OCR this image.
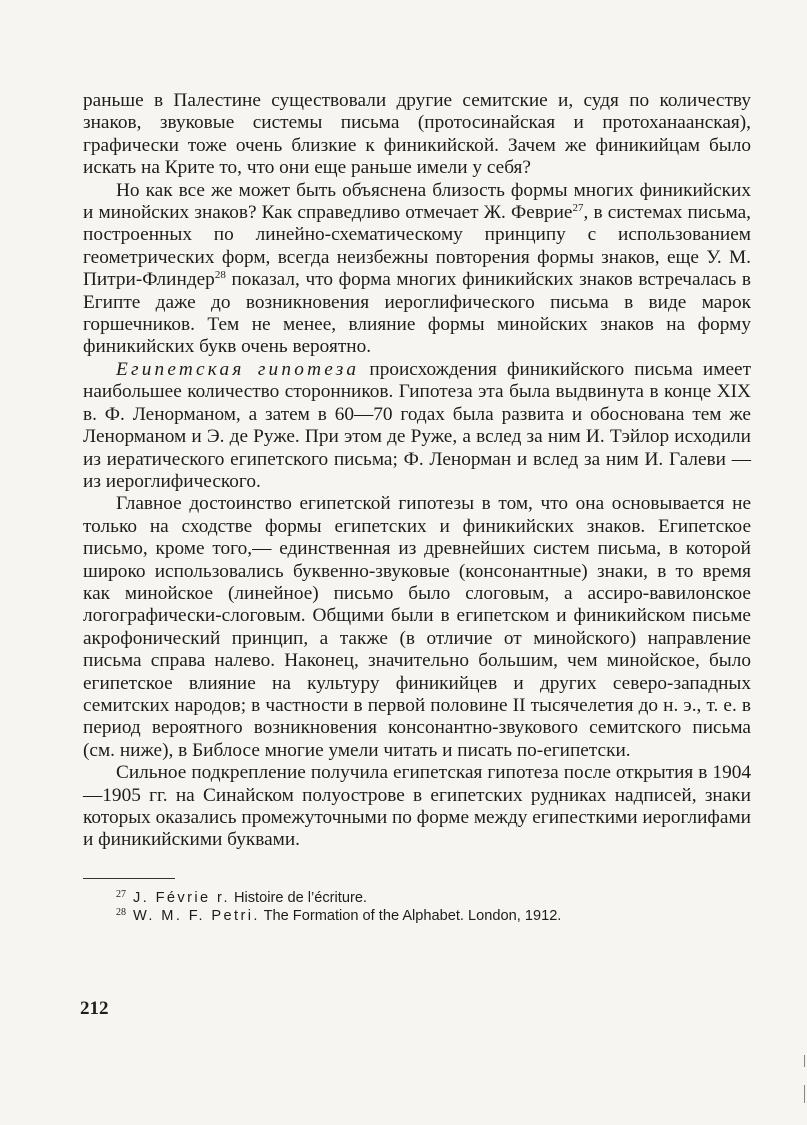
раньше в Палестине существовали другие семитские и, судя по количеству знаков, звуковые системы письма (протосинайская и протоханаанская), графически тоже очень близкие к финикийской. Зачем же финикийцам было искать на Крите то, что они еще раньше имели у себя?

Но как все же может быть объяснена близость формы многих финикийских и минойских знаков? Как справедливо отмечает Ж. Феврие$^{27}$, в системах письма, построенных по линейно-схематическому принципу с использованием геометрических форм, всегда неизбежны повторения формы знаков, еще У. М. Питри-Флиндер$^{28}$ показал, что форма многих финикийских знаков встречалась в Египте даже до возникновения иероглифического письма в виде марок горшечников. Тем не менее, влияние формы минойских знаков на форму финикийских букв очень вероятно.

Египетская гипотеза происхождения финикийского письма имеет наибольшее количество сторонников. Гипотеза эта была выдвинута в конце XIX в. Ф. Ленорманом, а затем в 60—70 годах была развита и обоснована тем же Ленорманом и Э. де Руже. При этом де Руже, а вслед за ним И. Тэйлор исходили из иератического египетского письма; Ф. Ленорман и вслед за ним И. Галеви — из иероглифического.

Главное достоинство египетской гипотезы в том, что она основывается не только на сходстве формы египетских и финикийских знаков. Египетское письмо, кроме того,— единственная из древнейших систем письма, в которой широко использовались буквенно-звуковые (консонантные) знаки, в то время как минойское (линейное) письмо было слоговым, а ассиро-вавилонское логографически-слоговым. Общими были в египетском и финикийском письме акрофонический принцип, а также (в отличие от минойского) направление письма справа налево. Наконец, значительно большим, чем минойское, было египетское влияние на культуру финикийцев и других северо-западных семитских народов; в частности в первой половине II тысячелетия до н. э., т. е. в период вероятного возникновения консонантно-звукового семитского письма (см. ниже), в Библосе многие умели читать и писать по-египетски.

Сильное подкрепление получила египетская гипотеза после открытия в 1904—1905 гг. на Синайском полуострове в египетских рудниках надписей, знаки которых оказались промежуточными по форме между египесткими иероглифами и финикийскими буквами.

27 J. Févrie r. Histoire de l’écriture.
28 W. M. F. Petri. The Formation of the Alphabet. London, 1912.
212
